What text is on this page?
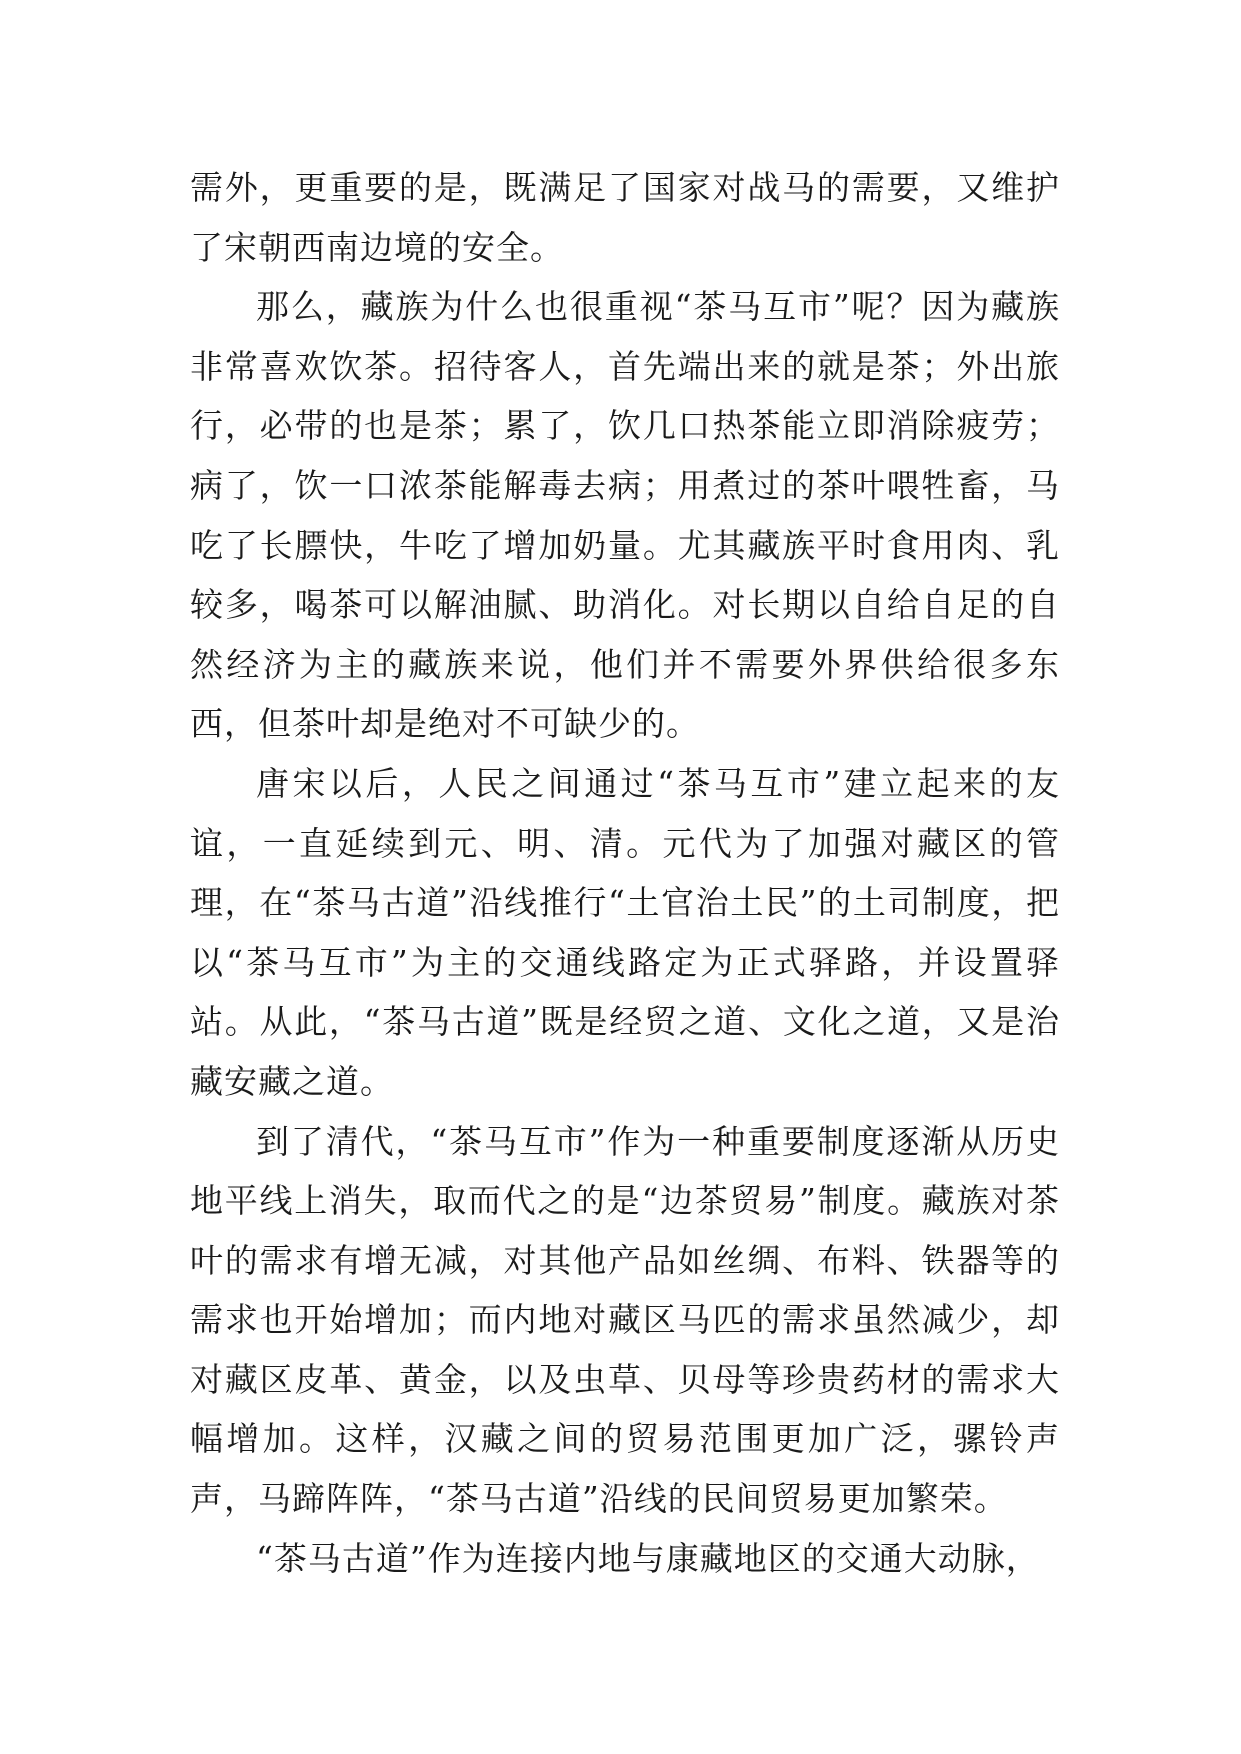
需外，更重要的是，既满足了国家对战马的需要，又维护了宋朝西南边境的安全。

那么，藏族为什么也很重视“茶马互市”呢？因为藏族非常喜欢饮茶。招待客人，首先端出来的就是茶；外出旅行，必带的也是茶；累了，饮几口热茶能立即消除疲劳；病了，饮一口浓茶能解毒去病；用煮过的茶叶喂牲畜，马吃了长膘快，牛吃了增加奶量。尤其藏族平时食用肉、乳较多，喝茶可以解油腻、助消化。对长期以自给自足的自然经济为主的藏族来说，他们并不需要外界供给很多东西，但茶叶却是绝对不可缺少的。

唐宋以后，人民之间通过“茶马互市”建立起来的友谊，一直延续到元、明、清。元代为了加强对藏区的管理，在“茶马古道”沿线推行“土官治土民”的土司制度，把以“茶马互市”为主的交通线路定为正式驿路，并设置驿站。从此，“茶马古道”既是经贸之道、文化之道，又是治藏安藏之道。

到了清代，“茶马互市”作为一种重要制度逐渐从历史地平线上消失，取而代之的是“边茶贸易”制度。藏族对茶叶的需求有增无减，对其他产品如丝绸、布料、铁器等的需求也开始增加；而内地对藏区马匹的需求虽然减少，却对藏区皮革、黄金，以及虫草、贝母等珍贵药材的需求大幅增加。这样，汉藏之间的贸易范围更加广泛，骡铃声声，马蹄阵阵，“茶马古道”沿线的民间贸易更加繁荣。

“茶马古道”作为连接内地与康藏地区的交通大动脉，
